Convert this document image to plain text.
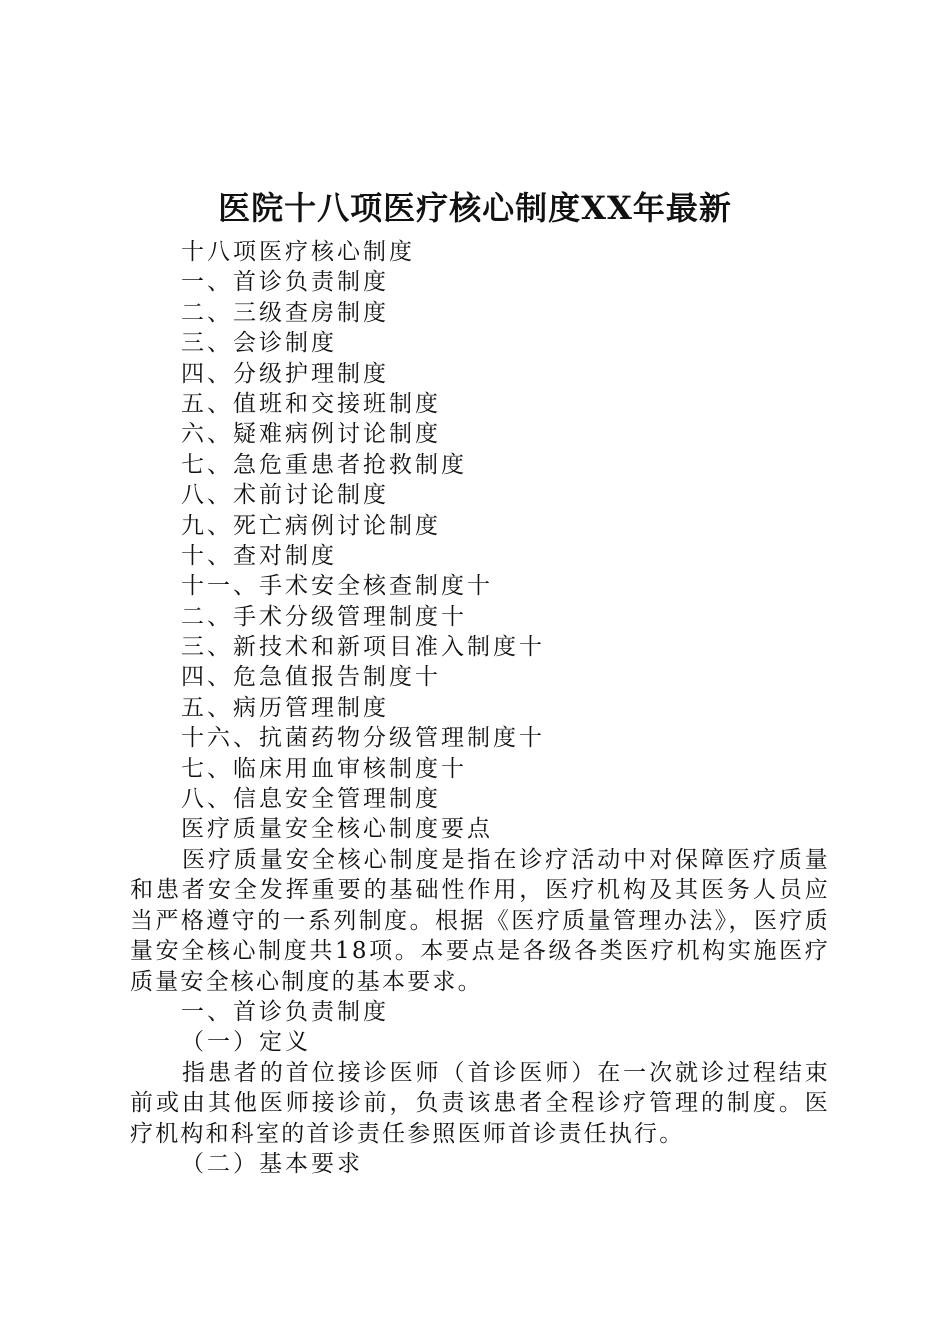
医院十八项医疗核心制度XX年最新
十八项医疗核心制度
一、首诊负责制度
二、三级查房制度
三、会诊制度
四、分级护理制度
五、值班和交接班制度
六、疑难病例讨论制度
七、急危重患者抢救制度
八、术前讨论制度
九、死亡病例讨论制度
十、查对制度
十一、手术安全核查制度十
二、手术分级管理制度十
三、新技术和新项目准入制度十
四、危急值报告制度十
五、病历管理制度
十六、抗菌药物分级管理制度十
七、临床用血审核制度十
八、信息安全管理制度
医疗质量安全核心制度要点

医疗质量安全核心制度是指在诊疗活动中对保障医疗质量和患者安全发挥重要的基础性作用，医疗机构及其医务人员应当严格遵守的一系列制度。根据《医疗质量管理办法》，医疗质量安全核心制度共18项。本要点是各级各类医疗机构实施医疗质量安全核心制度的基本要求。

一、首诊负责制度

（一）定义

指患者的首位接诊医师（首诊医师）在一次就诊过程结束前或由其他医师接诊前，负责该患者全程诊疗管理的制度。医疗机构和科室的首诊责任参照医师首诊责任执行。

（二）基本要求
